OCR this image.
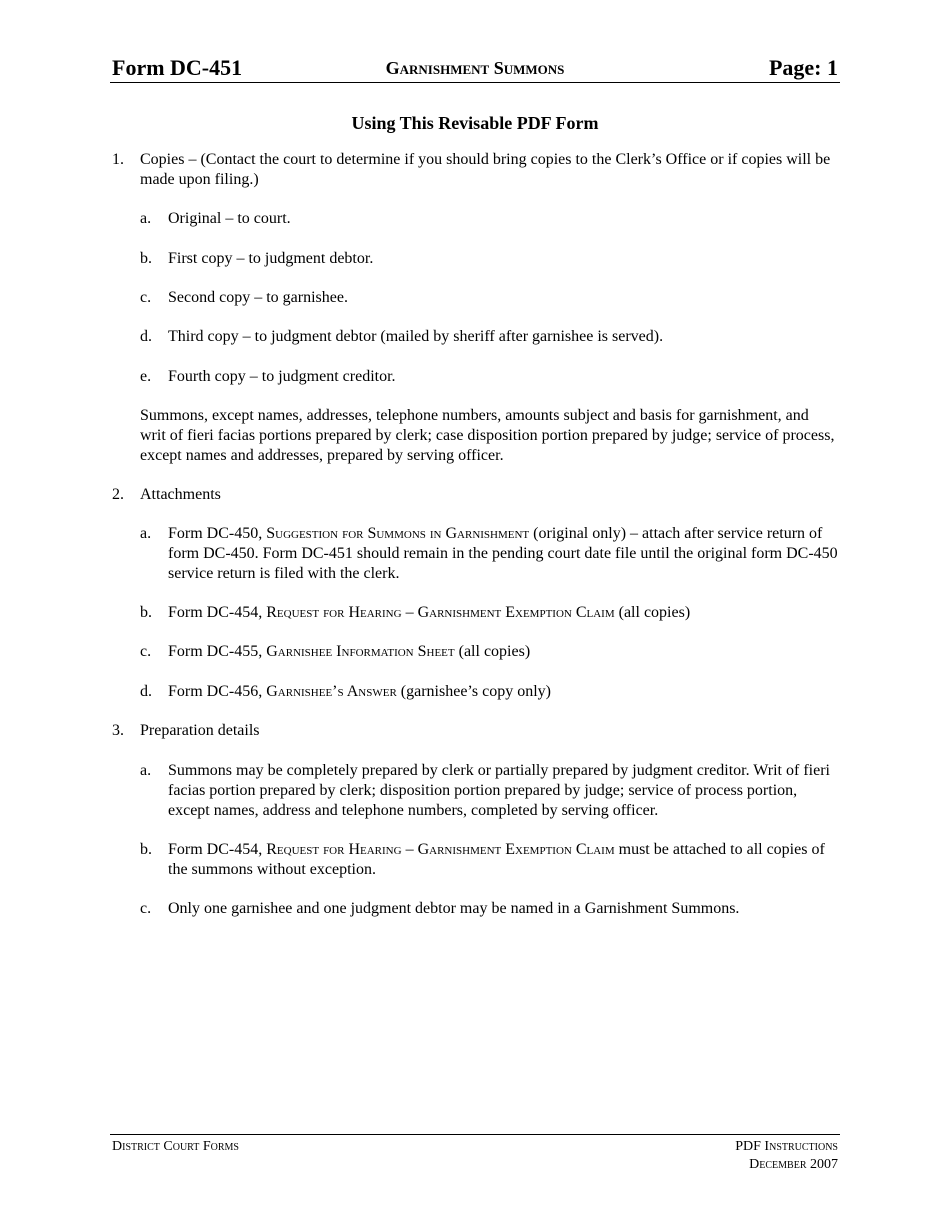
Form DC-451	Garnishment Summons	Page: 1
Using This Revisable PDF Form
1. Copies – (Contact the court to determine if you should bring copies to the Clerk’s Office or if copies will be made upon filing.)
a. Original – to court.
b. First copy – to judgment debtor.
c. Second copy – to garnishee.
d. Third copy – to judgment debtor (mailed by sheriff after garnishee is served).
e. Fourth copy – to judgment creditor.
Summons, except names, addresses, telephone numbers, amounts subject and basis for garnishment, and writ of fieri facias portions prepared by clerk; case disposition portion prepared by judge; service of process, except names and addresses, prepared by serving officer.
2. Attachments
a. Form DC-450, Suggestion for Summons in Garnishment (original only) – attach after service return of form DC-450. Form DC-451 should remain in the pending court date file until the original form DC-450 service return is filed with the clerk.
b. Form DC-454, Request for Hearing – Garnishment Exemption Claim (all copies)
c. Form DC-455, Garnishee Information Sheet (all copies)
d. Form DC-456, Garnishee’s Answer (garnishee’s copy only)
3. Preparation details
a. Summons may be completely prepared by clerk or partially prepared by judgment creditor. Writ of fieri facias portion prepared by clerk; disposition portion prepared by judge; service of process portion, except names, address and telephone numbers, completed by serving officer.
b. Form DC-454, Request for Hearing – Garnishment Exemption Claim must be attached to all copies of the summons without exception.
c. Only one garnishee and one judgment debtor may be named in a Garnishment Summons.
District Court Forms	PDF Instructions
December 2007
